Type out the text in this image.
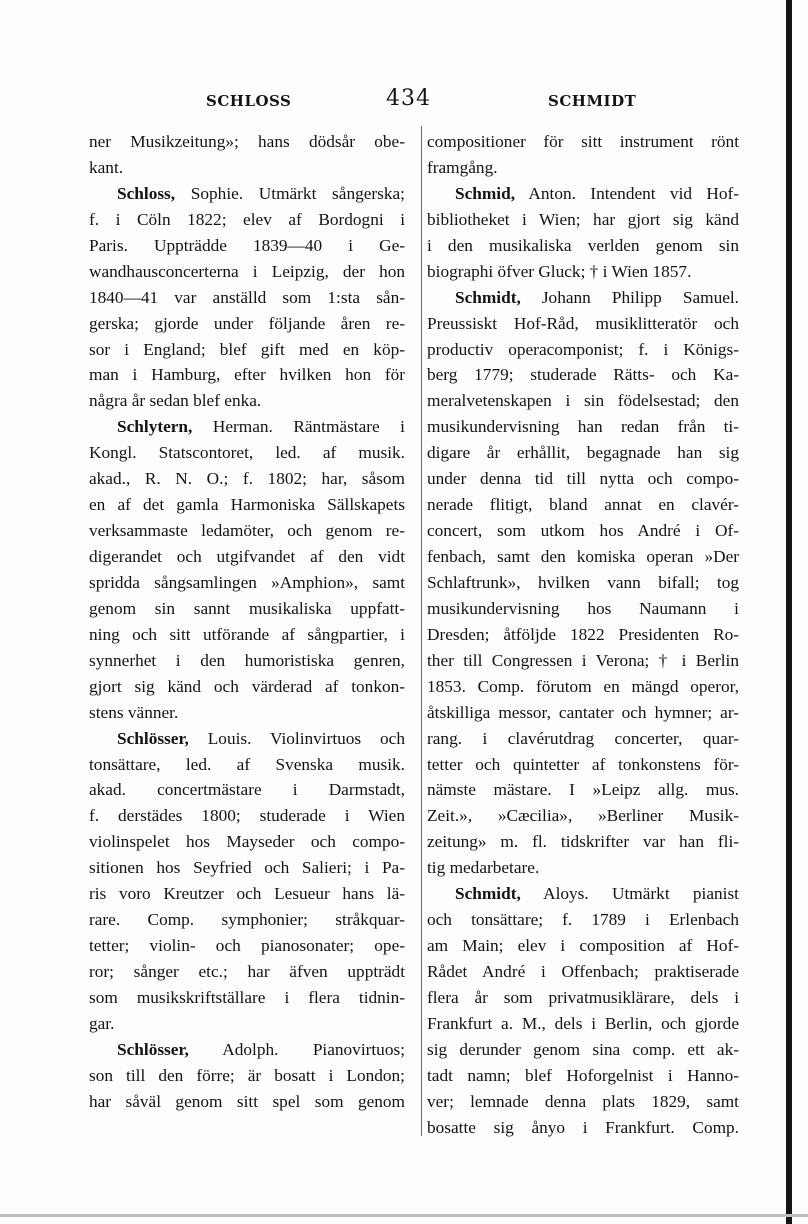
SCHLOSS	434	SCHMIDT
ner Musikzeitung»; hans dödsår obe-
kant.
Schloss, Sophie. Utmärkt sångerska;
f. i Cöln 1822; elev af Bordogni i
Paris. Uppträdde 1839—40 i Ge-
wandhausconcerterna i Leipzig, der hon
1840—41 var anställd som 1:sta sån-
gerska; gjorde under följande åren re-
sor i England; blef gift med en köp-
man i Hamburg, efter hvilken hon för
några år sedan blef enka.
Schlytern, Herman. Räntmästare i
Kongl. Statscontoret, led. af musik.
akad., R. N. O.; f. 1802; har, såsom
en af det gamla Harmoniska Sällskapets
verksammaste ledamöter, och genom re-
digerandet och utgifvandet af den vidt
spridda sångsamlingen »Amphion», samt
genom sin sannt musikaliska uppfatt-
ning och sitt utförande af sångpartier, i
synnerhet i den humoristiska genren,
gjort sig känd och värderad af tonkon-
stens vänner.
Schlösser, Louis. Violinvirtuos och
tonsättare, led. af Svenska musik.
akad. concertmästare i Darmstadt,
f. derstädes 1800; studerade i Wien
violinspelet hos Mayseder och compo-
sitionen hos Seyfried och Salieri; i Pa-
ris voro Kreutzer och Lesueur hans lä-
rare. Comp. symphonier; stråkquar-
tetter; violin- och pianosonater; ope-
ror; sånger etc.; har äfven uppträdt
som musikskriftställare i flera tidnin-
gar.
Schlösser, Adolph. Pianovirtuos;
son till den förre; är bosatt i London;
har såväl genom sitt spel som genom
compositioner för sitt instrument rönt
framgång.
Schmid, Anton. Intendent vid Hof-
bibliotheket i Wien; har gjort sig känd
i den musikaliska verlden genom sin
biographi öfver Gluck; † i Wien 1857.
Schmidt, Johann Philipp Samuel.
Preussiskt Hof-Råd, musiklitteratör och
productiv operacomponist; f. i Königs-
berg 1779; studerade Rätts- och Ka-
meralvetenskapen i sin födelsestad; den
musikundervisning han redan från ti-
digare år erhållit, begagnade han sig
under denna tid till nytta och compo-
nerade flitigt, bland annat en clavér-
concert, som utkom hos André i Of-
fenbach, samt den komiska operan »Der
Schlaftrunk», hvilken vann bifall; tog
musikundervisning hos Naumann i
Dresden; åtföljde 1822 Presidenten Ro-
ther till Congressen i Verona; † i Berlin
1853. Comp. förutom en mängd operor,
åtskilliga messor, cantater och hymner; ar-
rang. i clavérutdrag concerter, quar-
tetter och quintetter af tonkonstens för-
nämste mästare. I »Leipz allg. mus.
Zeit.», »Cæcilia», »Berliner Musik-
zeitung» m. fl. tidskrifter var han fli-
tig medarbetare.
Schmidt, Aloys. Utmärkt pianist
och tonsättare; f. 1789 i Erlenbach
am Main; elev i composition af Hof-
Rådet André i Offenbach; praktiserade
flera år som privatmusiklärare, dels i
Frankfurt a. M., dels i Berlin, och gjorde
sig derunder genom sina comp. ett ak-
tadt namn; blef Hoforgelnist i Hanno-
ver; lemnade denna plats 1829, samt
bosatte sig ånyo i Frankfurt. Comp.
